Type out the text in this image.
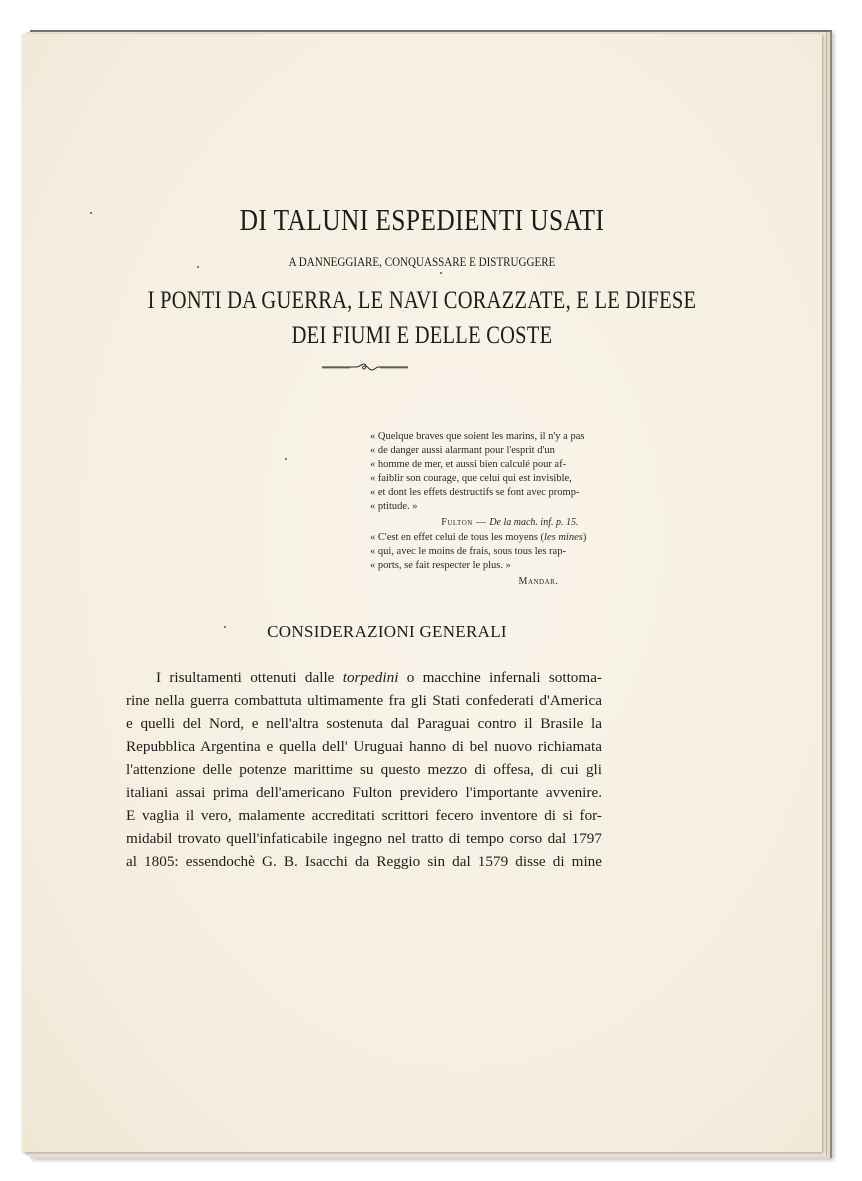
DI TALUNI ESPEDIENTI USATI
A DANNEGGIARE, CONQUASSARE E DISTRUGGERE
I PONTI DA GUERRA, LE NAVI CORAZZATE, E LE DIFESE
DEI FIUMI E DELLE COSTE
« Quelque braves que soient les marins, il n'y a pas
« de danger aussi alarmant pour l'esprit d'un
« homme de mer, et aussi bien calculé pour af-
« faiblir son courage, que celui qui est invisible,
« et dont les effets destructifs se font avec promp-
« ptitude. »
Fulton — De la mach. inf. p. 15.
« C'est en effet celui de tous les moyens (les mines)
« qui, avec le moins de frais, sous tous les rap-
« ports, se fait respecter le plus. »
Mandar.
CONSIDERAZIONI GENERALI
I risultamenti ottenuti dalle torpedini o macchine infernali sottoma-
rine nella guerra combattuta ultimamente fra gli Stati confederati d'America
e quelli del Nord, e nell'altra sostenuta dal Paraguai contro il Brasile la
Repubblica Argentina e quella dell' Uruguai hanno di bel nuovo richiamata
l'attenzione delle potenze marittime su questo mezzo di offesa, di cui gli
italiani assai prima dell'americano Fulton previdero l'importante avvenire.
E vaglia il vero, malamente accreditati scrittori fecero inventore di si for-
midabil trovato quell'infaticabile ingegno nel tratto di tempo corso dal 1797
al 1805: essendochè G. B. Isacchi da Reggio sin dal 1579 disse di mine
